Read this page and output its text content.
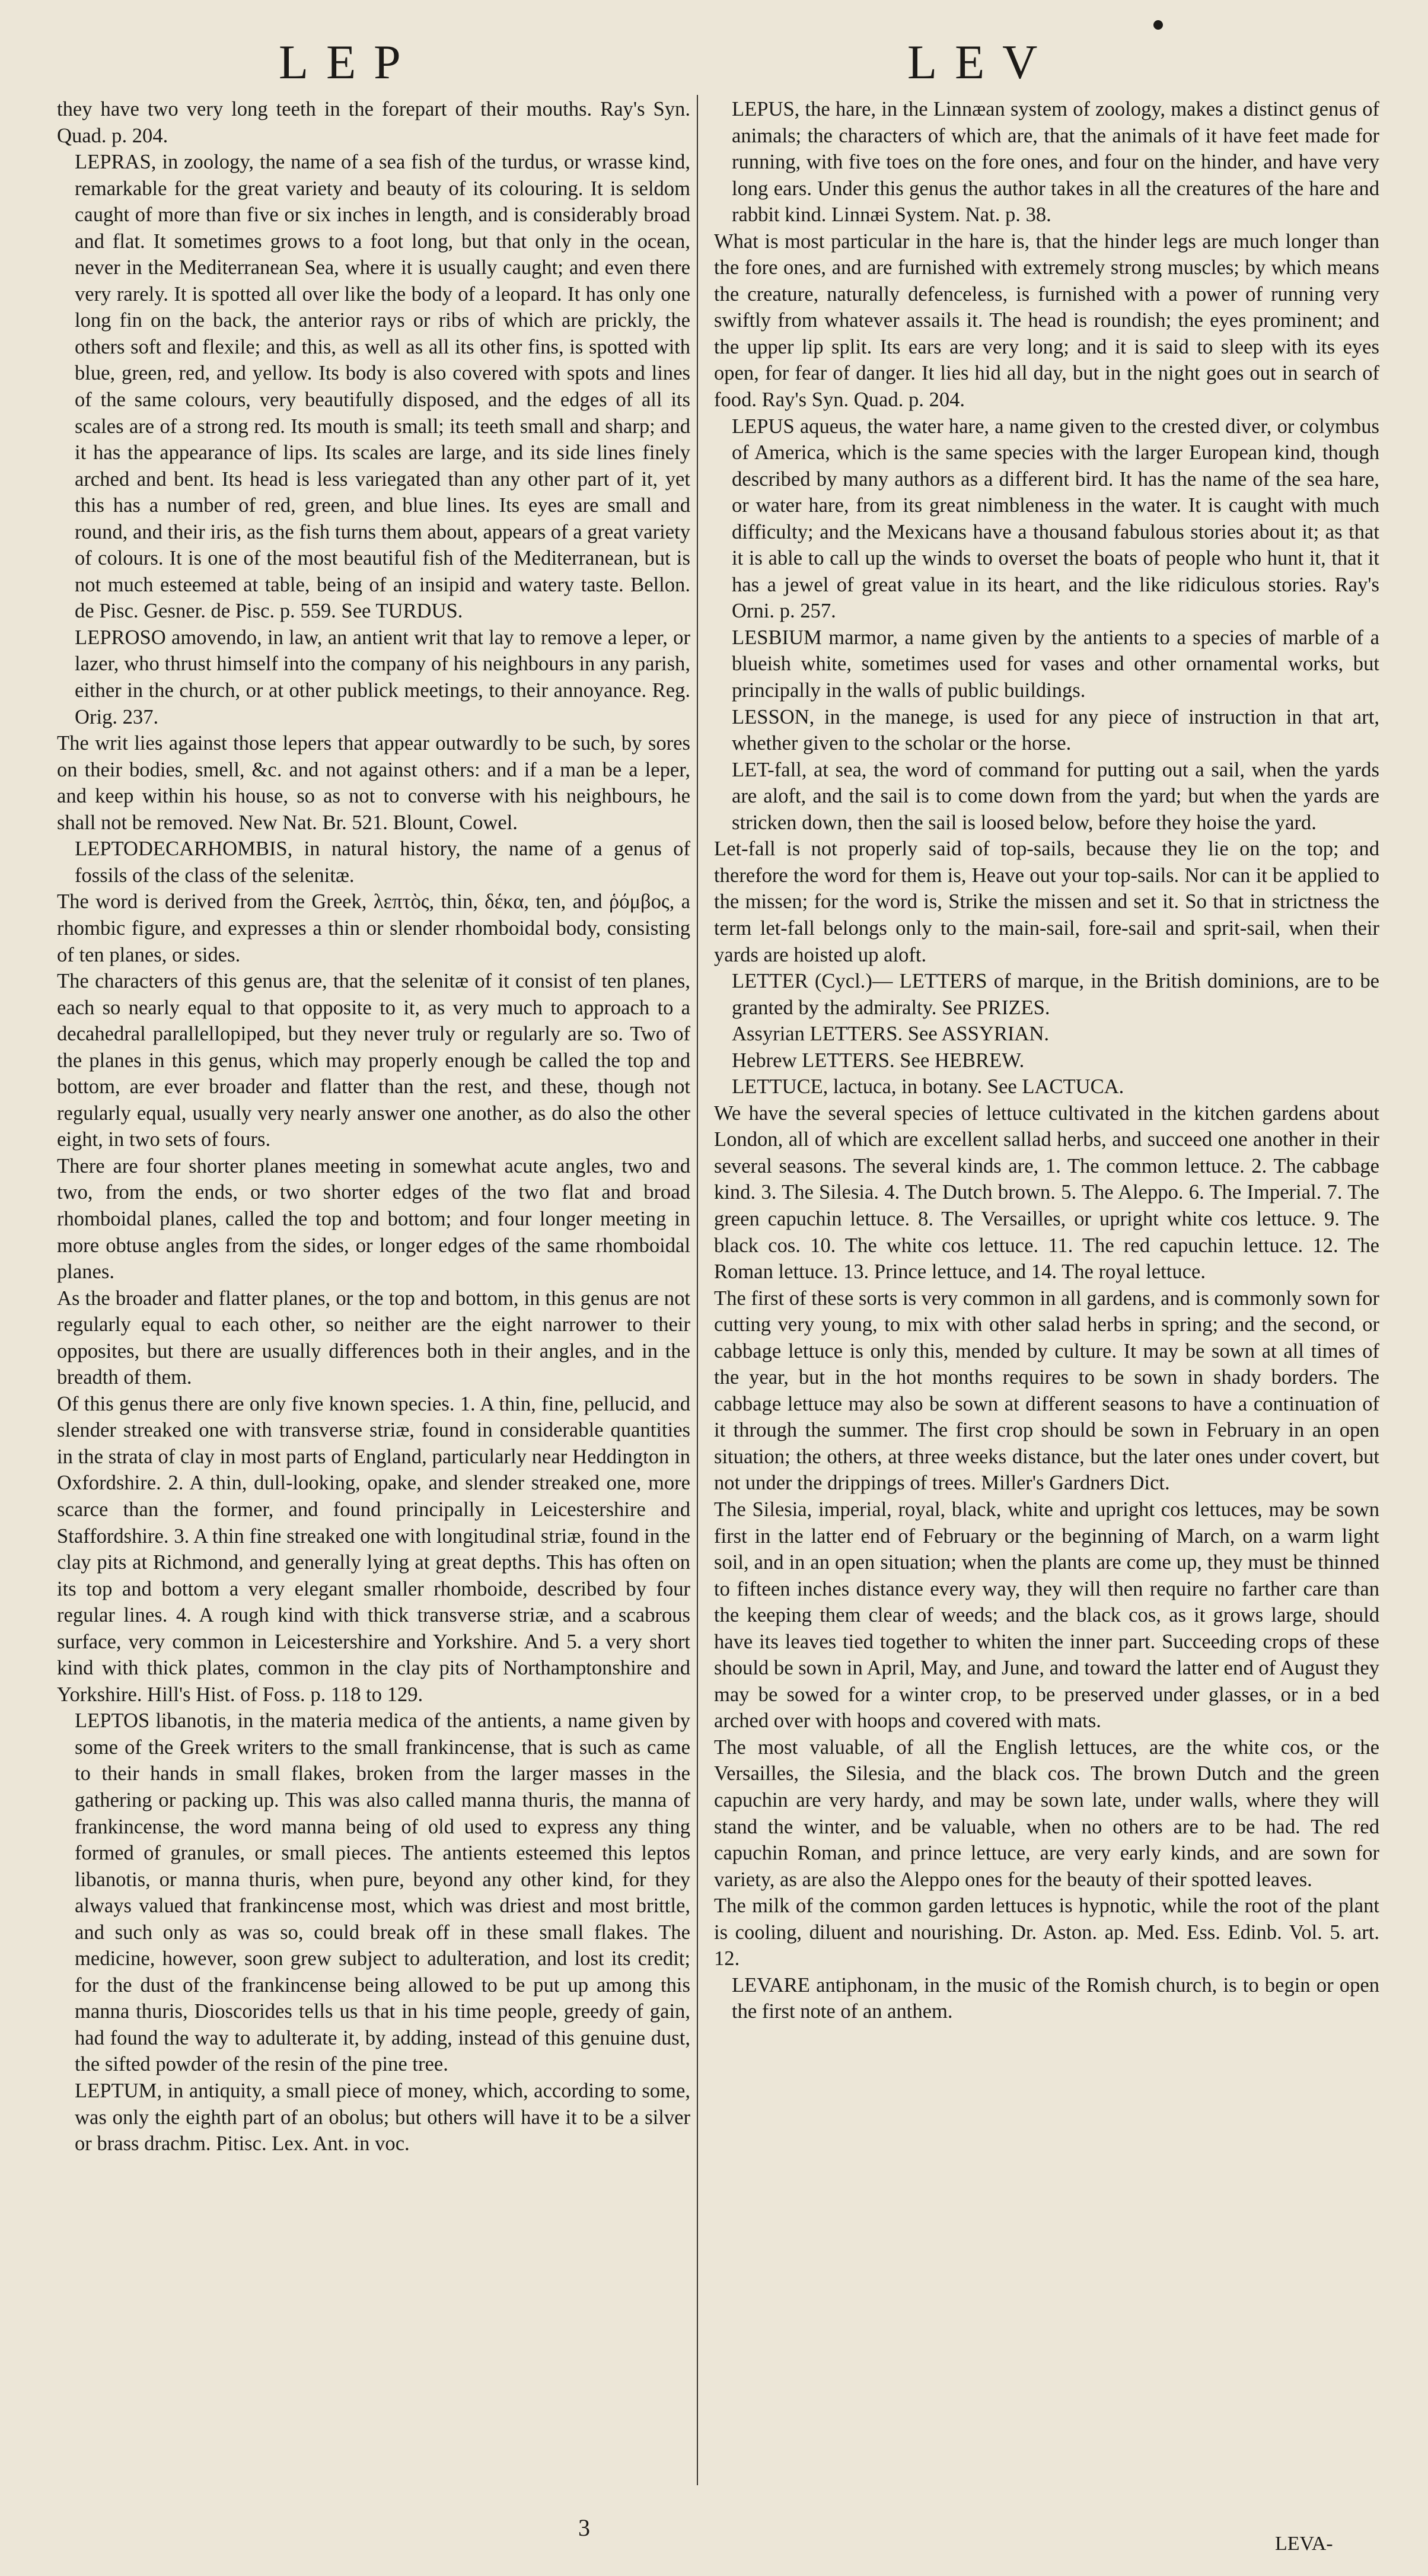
LEP	LEV

they have two very long teeth in the forepart of their mouths. Ray's Syn. Quad. p. 204.

LEPRAS, in zoology, the name of a sea fish of the turdus, or wrasse kind, remarkable for the great variety and beauty of its colouring. It is seldom caught of more than five or six inches in length, and is considerably broad and flat. It sometimes grows to a foot long, but that only in the ocean, never in the Mediterranean Sea, where it is usually caught; and even there very rarely. It is spotted all over like the body of a leopard. It has only one long fin on the back, the anterior rays or ribs of which are prickly, the others soft and flexile; and this, as well as all its other fins, is spotted with blue, green, red, and yellow. Its body is also covered with spots and lines of the same colours, very beautifully disposed, and the edges of all its scales are of a strong red. Its mouth is small; its teeth small and sharp; and it has the appearance of lips. Its scales are large, and its side lines finely arched and bent. Its head is less variegated than any other part of it, yet this has a number of red, green, and blue lines. Its eyes are small and round, and their iris, as the fish turns them about, appears of a great variety of colours. It is one of the most beautiful fish of the Mediterranean, but is not much esteemed at table, being of an insipid and watery taste. Bellon. de Pisc. Gesner. de Pisc. p. 559. See TURDUS.

LEPROSO amovendo, in law, an antient writ that lay to remove a leper, or lazer, who thrust himself into the company of his neighbours in any parish, either in the church, or at other publick meetings, to their annoyance. Reg. Orig. 237.

The writ lies against those lepers that appear outwardly to be such, by sores on their bodies, smell, &c. and not against others: and if a man be a leper, and keep within his house, so as not to converse with his neighbours, he shall not be removed. New Nat. Br. 521. Blount, Cowel.

LEPTODECARHOMBIS, in natural history, the name of a genus of fossils of the class of the selenitæ.

The word is derived from the Greek, λεπτὸς, thin, δέκα, ten, and ῥόμβος, a rhombic figure, and expresses a thin or slender rhomboidal body, consisting of ten planes, or sides.

The characters of this genus are, that the selenitæ of it consist of ten planes, each so nearly equal to that opposite to it, as very much to approach to a decahedral parallellopiped, but they never truly or regularly are so. Two of the planes in this genus, which may properly enough be called the top and bottom, are ever broader and flatter than the rest, and these, though not regularly equal, usually very nearly answer one another, as do also the other eight, in two sets of fours.

There are four shorter planes meeting in somewhat acute angles, two and two, from the ends, or two shorter edges of the two flat and broad rhomboidal planes, called the top and bottom; and four longer meeting in more obtuse angles from the sides, or longer edges of the same rhomboidal planes.

As the broader and flatter planes, or the top and bottom, in this genus are not regularly equal to each other, so neither are the eight narrower to their opposites, but there are usually differences both in their angles, and in the breadth of them.

Of this genus there are only five known species. 1. A thin, fine, pellucid, and slender streaked one with transverse striæ, found in considerable quantities in the strata of clay in most parts of England, particularly near Heddington in Oxfordshire. 2. A thin, dull-looking, opake, and slender streaked one, more scarce than the former, and found principally in Leicestershire and Staffordshire. 3. A thin fine streaked one with longitudinal striæ, found in the clay pits at Richmond, and generally lying at great depths. This has often on its top and bottom a very elegant smaller rhomboide, described by four regular lines. 4. A rough kind with thick transverse striæ, and a scabrous surface, very common in Leicestershire and Yorkshire. And 5. a very short kind with thick plates, common in the clay pits of Northamptonshire and Yorkshire. Hill's Hist. of Foss. p. 118 to 129.

LEPTOS libanotis, in the materia medica of the antients, a name given by some of the Greek writers to the small frankincense, that is such as came to their hands in small flakes, broken from the larger masses in the gathering or packing up. This was also called manna thuris, the manna of frankincense, the word manna being of old used to express any thing formed of granules, or small pieces. The antients esteemed this leptos libanotis, or manna thuris, when pure, beyond any other kind, for they always valued that frankincense most, which was driest and most brittle, and such only as was so, could break off in these small flakes. The medicine, however, soon grew subject to adulteration, and lost its credit; for the dust of the frankincense being allowed to be put up among this manna thuris, Dioscorides tells us that in his time people, greedy of gain, had found the way to adulterate it, by adding, instead of this genuine dust, the sifted powder of the resin of the pine tree.

LEPTUM, in antiquity, a small piece of money, which, according to some, was only the eighth part of an obolus; but others will have it to be a silver or brass drachm. Pitisc. Lex. Ant. in voc.

LEPUS, the hare, in the Linnæan system of zoology, makes a distinct genus of animals; the characters of which are, that the animals of it have feet made for running, with five toes on the fore ones, and four on the hinder, and have very long ears. Under this genus the author takes in all the creatures of the hare and rabbit kind. Linnæi System. Nat. p. 38.

What is most particular in the hare is, that the hinder legs are much longer than the fore ones, and are furnished with extremely strong muscles; by which means the creature, naturally defenceless, is furnished with a power of running very swiftly from whatever assails it. The head is roundish; the eyes prominent; and the upper lip split. Its ears are very long; and it is said to sleep with its eyes open, for fear of danger. It lies hid all day, but in the night goes out in search of food. Ray's Syn. Quad. p. 204.

LEPUS aqueus, the water hare, a name given to the crested diver, or colymbus of America, which is the same species with the larger European kind, though described by many authors as a different bird. It has the name of the sea hare, or water hare, from its great nimbleness in the water. It is caught with much difficulty; and the Mexicans have a thousand fabulous stories about it; as that it is able to call up the winds to overset the boats of people who hunt it, that it has a jewel of great value in its heart, and the like ridiculous stories. Ray's Orni. p. 257.

LESBIUM marmor, a name given by the antients to a species of marble of a blueish white, sometimes used for vases and other ornamental works, but principally in the walls of public buildings.

LESSON, in the manege, is used for any piece of instruction in that art, whether given to the scholar or the horse.

LET-fall, at sea, the word of command for putting out a sail, when the yards are aloft, and the sail is to come down from the yard; but when the yards are stricken down, then the sail is loosed below, before they hoise the yard.

Let-fall is not properly said of top-sails, because they lie on the top; and therefore the word for them is, Heave out your top-sails. Nor can it be applied to the missen; for the word is, Strike the missen and set it. So that in strictness the term let-fall belongs only to the main-sail, fore-sail and sprit-sail, when their yards are hoisted up aloft.

LETTER (Cycl.)— LETTERS of marque, in the British dominions, are to be granted by the admiralty. See PRIZES.

Assyrian LETTERS. See ASSYRIAN.

Hebrew LETTERS. See HEBREW.

LETTUCE, lactuca, in botany. See LACTUCA.

We have the several species of lettuce cultivated in the kitchen gardens about London, all of which are excellent sallad herbs, and succeed one another in their several seasons. The several kinds are, 1. The common lettuce. 2. The cabbage kind. 3. The Silesia. 4. The Dutch brown. 5. The Aleppo. 6. The Imperial. 7. The green capuchin lettuce. 8. The Versailles, or upright white cos lettuce. 9. The black cos. 10. The white cos lettuce. 11. The red capuchin lettuce. 12. The Roman lettuce. 13. Prince lettuce, and 14. The royal lettuce.

The first of these sorts is very common in all gardens, and is commonly sown for cutting very young, to mix with other salad herbs in spring; and the second, or cabbage lettuce is only this, mended by culture. It may be sown at all times of the year, but in the hot months requires to be sown in shady borders. The cabbage lettuce may also be sown at different seasons to have a continuation of it through the summer. The first crop should be sown in February in an open situation; the others, at three weeks distance, but the later ones under covert, but not under the drippings of trees. Miller's Gardners Dict.

The Silesia, imperial, royal, black, white and upright cos lettuces, may be sown first in the latter end of February or the beginning of March, on a warm light soil, and in an open situation; when the plants are come up, they must be thinned to fifteen inches distance every way, they will then require no farther care than the keeping them clear of weeds; and the black cos, as it grows large, should have its leaves tied together to whiten the inner part. Succeeding crops of these should be sown in April, May, and June, and toward the latter end of August they may be sowed for a winter crop, to be preserved under glasses, or in a bed arched over with hoops and covered with mats.

The most valuable, of all the English lettuces, are the white cos, or the Versailles, the Silesia, and the black cos. The brown Dutch and the green capuchin are very hardy, and may be sown late, under walls, where they will stand the winter, and be valuable, when no others are to be had. The red capuchin Roman, and prince lettuce, are very early kinds, and are sown for variety, as are also the Aleppo ones for the beauty of their spotted leaves.

The milk of the common garden lettuces is hypnotic, while the root of the plant is cooling, diluent and nourishing. Dr. Aston. ap. Med. Ess. Edinb. Vol. 5. art. 12.

LEVARE antiphonam, in the music of the Romish church, is to begin or open the first note of an anthem.

3
LEVA-
